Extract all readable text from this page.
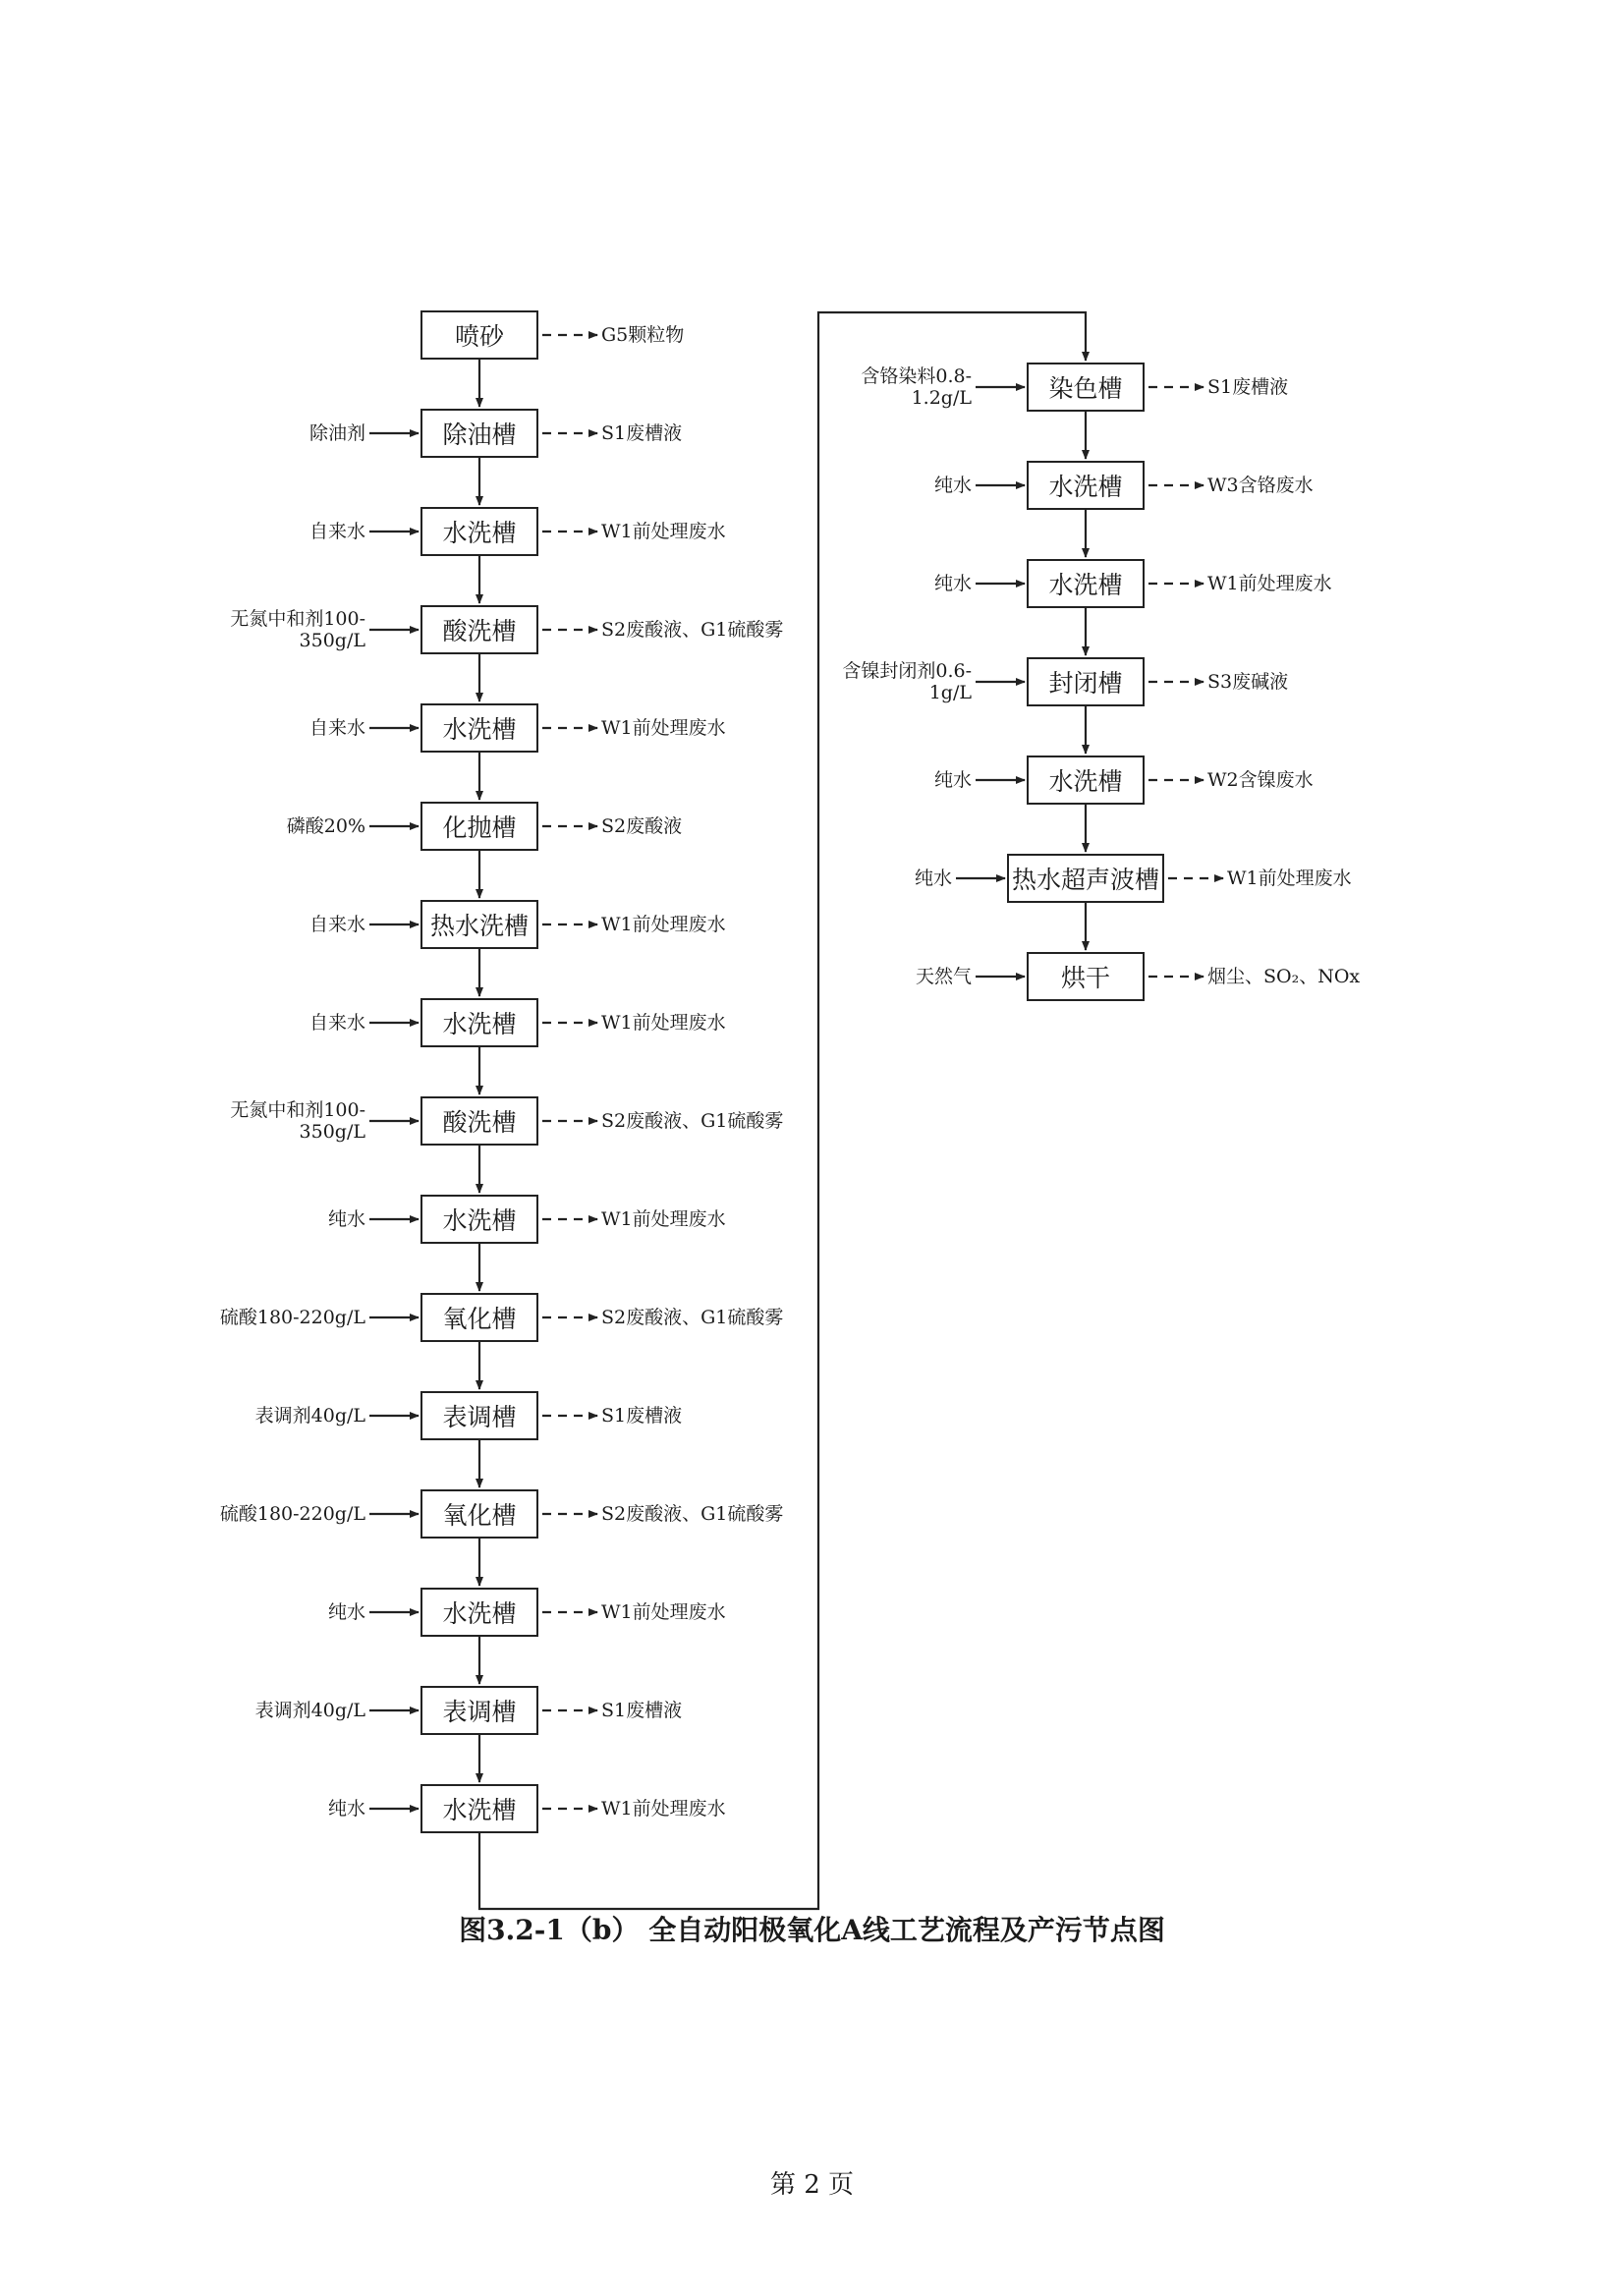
喷砂	G5颗粒物
除油槽
除油剂	S1废槽液
水洗槽
自来水	W1前处理废水
酸洗槽
无氮中和剂100-
350g/L	S2废酸液、G1硫酸雾
水洗槽
自来水	W1前处理废水
化抛槽
磷酸20%	S2废酸液
热水洗槽
自来水	W1前处理废水
水洗槽
自来水	W1前处理废水
酸洗槽
无氮中和剂100-
350g/L	S2废酸液、G1硫酸雾
水洗槽
纯水	W1前处理废水
氧化槽
硫酸180-220g/L	S2废酸液、G1硫酸雾
表调槽
表调剂40g/L	S1废槽液
氧化槽
硫酸180-220g/L	S2废酸液、G1硫酸雾
水洗槽
纯水	W1前处理废水
表调槽
表调剂40g/L	S1废槽液
水洗槽
纯水	W1前处理废水
染色槽
含铬染料0.8-
1.2g/L	S1废槽液
水洗槽
纯水	W3含铬废水
水洗槽
纯水	W1前处理废水
封闭槽
含镍封闭剂0.6-
1g/L	S3废碱液
水洗槽
纯水	W2含镍废水
热水超声波槽
纯水	W1前处理废水
烘干
天然气	烟尘、SO₂、NOx
图3.2-1（b） 全自动阳极氧化A线工艺流程及产污节点图
第 2 页
